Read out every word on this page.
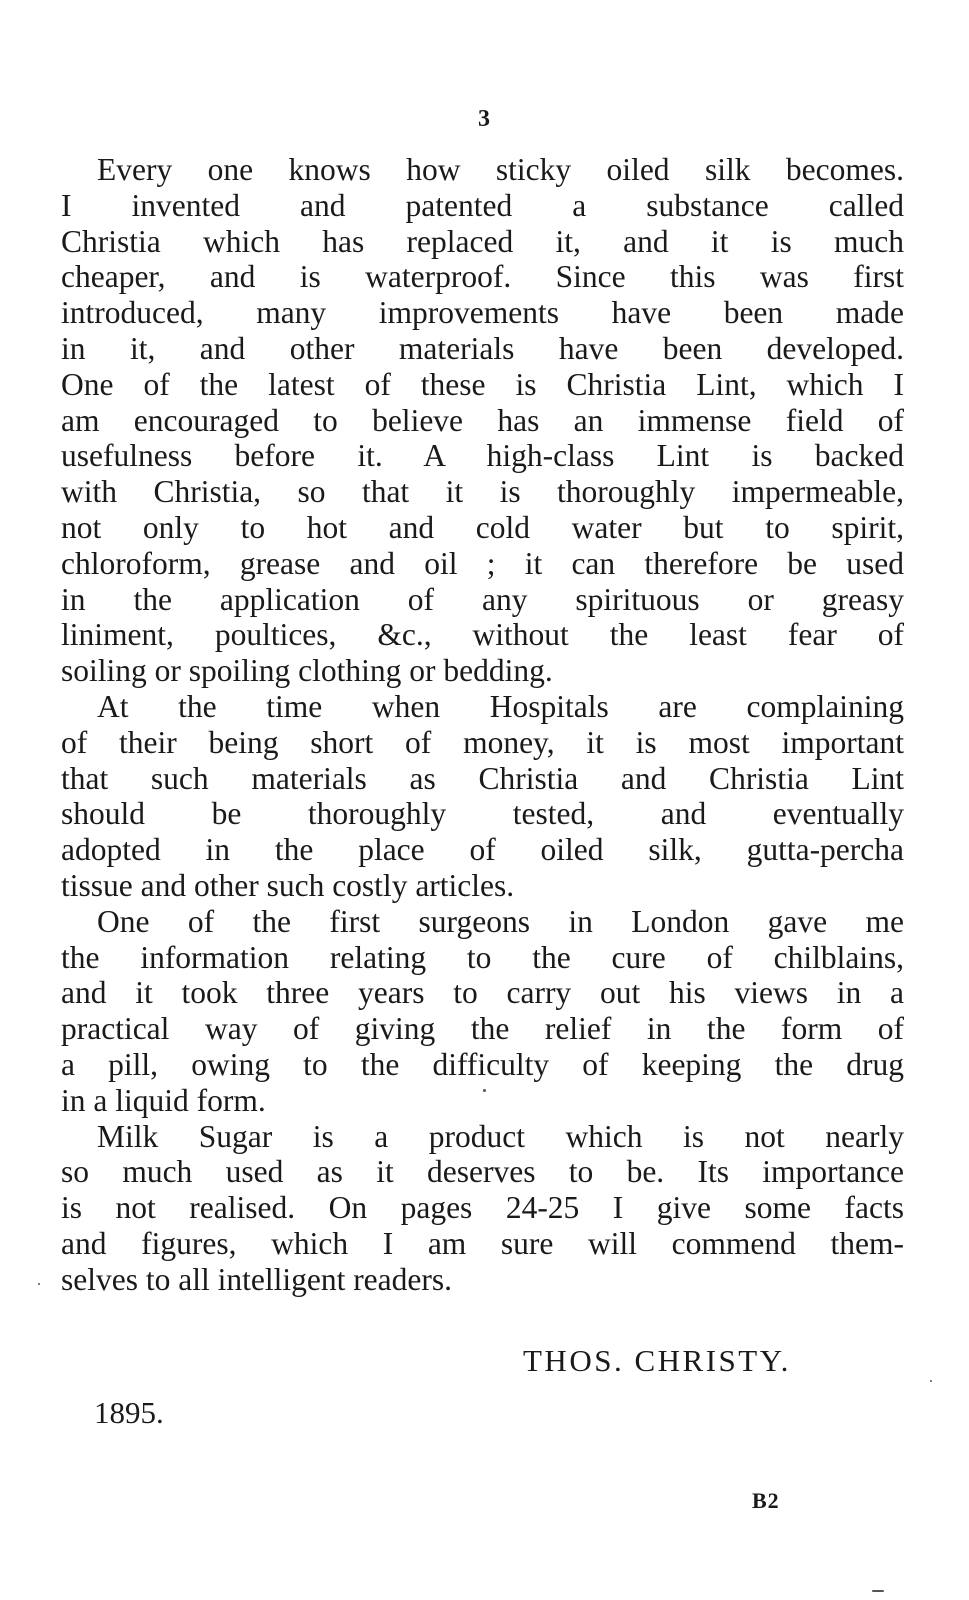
3
Every one knows how sticky oiled silk becomes.
I invented and patented a substance called
Christia which has replaced it, and it is much
cheaper, and is waterproof. Since this was first
introduced, many improvements have been made
in it, and other materials have been developed.
One of the latest of these is Christia Lint, which I
am encouraged to believe has an immense field of
usefulness before it. A high-class Lint is backed
with Christia, so that it is thoroughly impermeable,
not only to hot and cold water but to spirit,
chloroform, grease and oil ; it can therefore be used
in the application of any spirituous or greasy
liniment, poultices, &c., without the least fear of
soiling or spoiling clothing or bedding.
At the time when Hospitals are complaining
of their being short of money, it is most important
that such materials as Christia and Christia Lint
should be thoroughly tested, and eventually
adopted in the place of oiled silk, gutta-percha
tissue and other such costly articles.
One of the first surgeons in London gave me
the information relating to the cure of chilblains,
and it took three years to carry out his views in a
practical way of giving the relief in the form of
a pill, owing to the difficulty of keeping the drug
in a liquid form.
Milk Sugar is a product which is not nearly
so much used as it deserves to be. Its importance
is not realised. On pages 24-25 I give some facts
and figures, which I am sure will commend them-
selves to all intelligent readers.
THOS. CHRISTY.
1895.
B2
